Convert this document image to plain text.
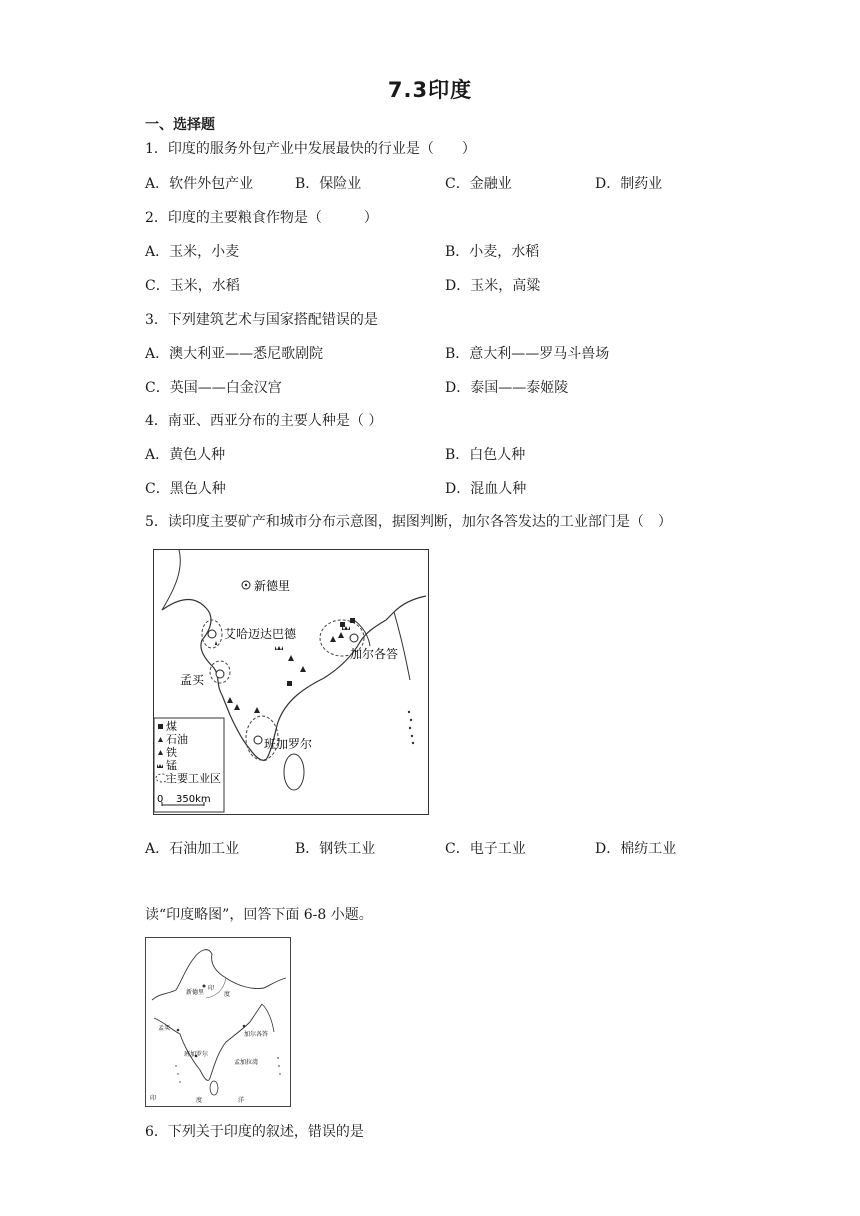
7.3印度
一、选择题
1．印度的服务外包产业中发展最快的行业是（　　）
A．软件外包产业	B．保险业	C．金融业	D．制药业
2．印度的主要粮食作物是（　　　）
A．玉米，小麦	B．小麦，水稻
C．玉米，水稻	D．玉米，高粱
3．下列建筑艺术与国家搭配错误的是
A．澳大利亚——悉尼歌剧院	B．意大利——罗马斗兽场
C．英国——白金汉宫	D．泰国——泰姬陵
4．南亚、西亚分布的主要人种是（ ）
A．黄色人种	B．白色人种
C．黑色人种	D．混血人种
5．读印度主要矿产和城市分布示意图，据图判断，加尔各答发达的工业部门是（　）
新德里
艾哈迈达巴德
加尔各答
孟买
班加罗尔
煤
石油
铁
锰
主要工业区
0 350km
A．石油加工业	B．钢铁工业	C．电子工业	D．棉纺工业
读“印度略图”，回答下面 6-8 小题。
新德里
印
度
孟买
加尔各答
班加罗尔
孟加拉湾
印	度	洋
6．下列关于印度的叙述，错误的是
